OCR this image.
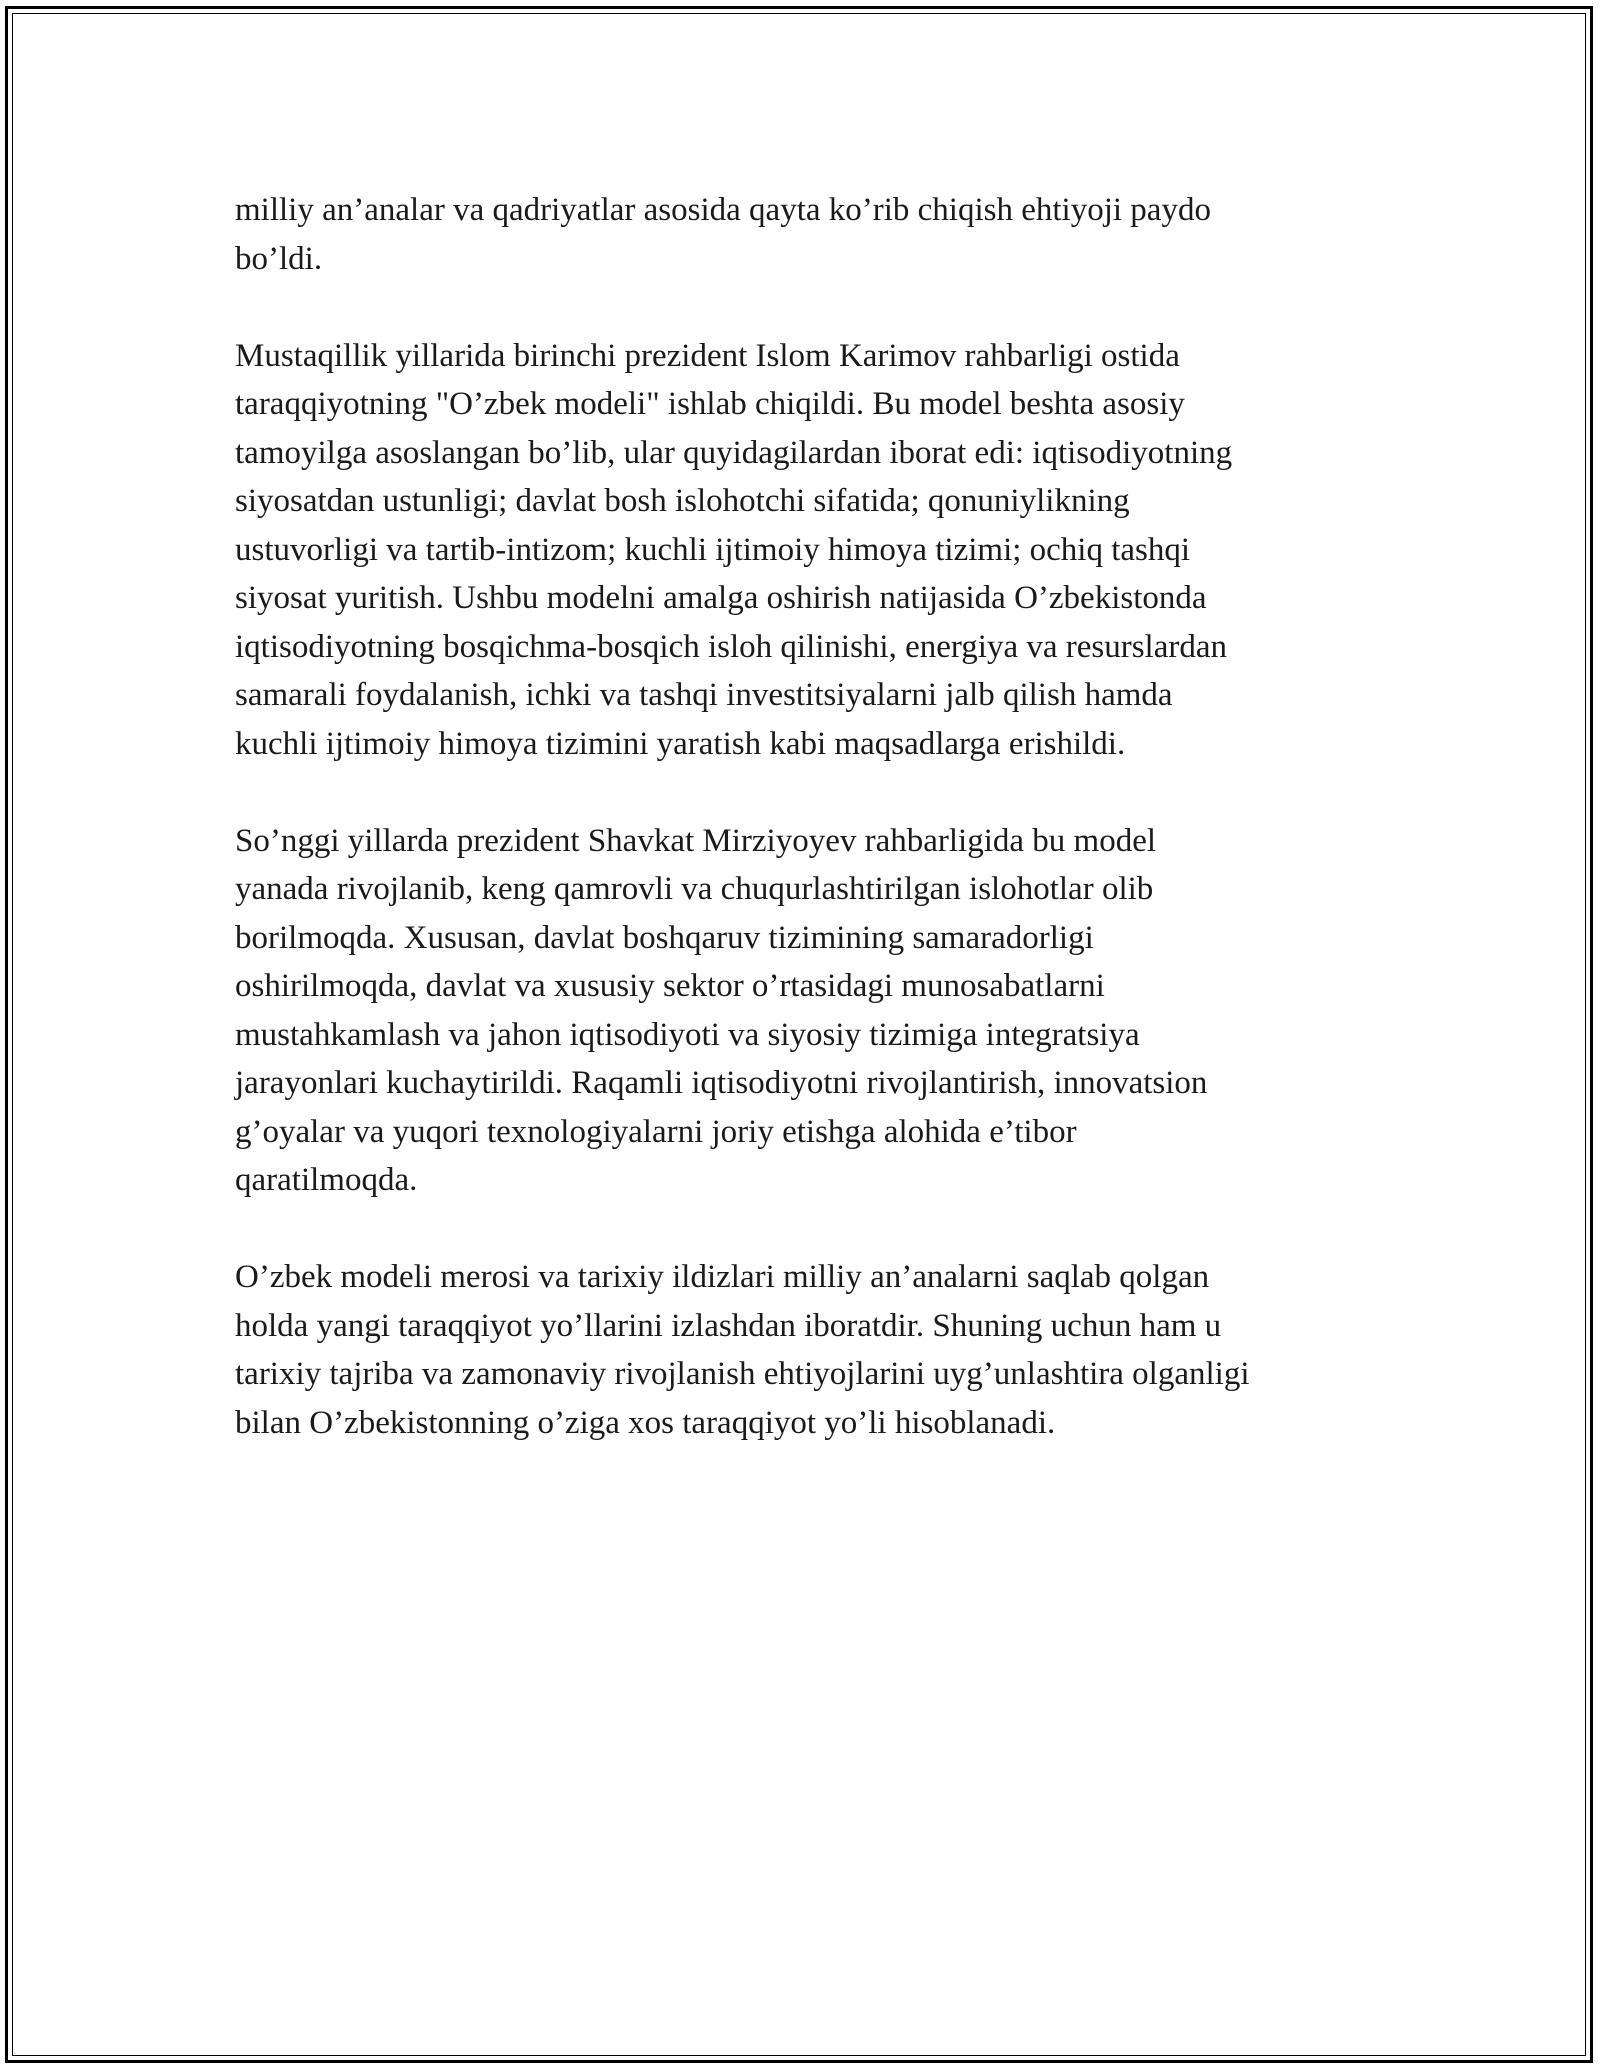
milliy an’analar va qadriyatlar asosida qayta ko’rib chiqish ehtiyoji paydo
bo’ldi.

Mustaqillik yillarida birinchi prezident Islom Karimov rahbarligi ostida
taraqqiyotning "O’zbek modeli" ishlab chiqildi. Bu model beshta asosiy
tamoyilga asoslangan bo’lib, ular quyidagilardan iborat edi: iqtisodiyotning
siyosatdan ustunligi; davlat bosh islohotchi sifatida; qonuniylikning
ustuvorligi va tartib-intizom; kuchli ijtimoiy himoya tizimi; ochiq tashqi
siyosat yuritish. Ushbu modelni amalga oshirish natijasida O’zbekistonda
iqtisodiyotning bosqichma-bosqich isloh qilinishi, energiya va resurslardan
samarali foydalanish, ichki va tashqi investitsiyalarni jalb qilish hamda
kuchli ijtimoiy himoya tizimini yaratish kabi maqsadlarga erishildi.

So’nggi yillarda prezident Shavkat Mirziyoyev rahbarligida bu model
yanada rivojlanib, keng qamrovli va chuqurlashtirilgan islohotlar olib
borilmoqda. Xususan, davlat boshqaruv tizimining samaradorligi
oshirilmoqda, davlat va xususiy sektor o’rtasidagi munosabatlarni
mustahkamlash va jahon iqtisodiyoti va siyosiy tizimiga integratsiya
jarayonlari kuchaytirildi. Raqamli iqtisodiyotni rivojlantirish, innovatsion
g’oyalar va yuqori texnologiyalarni joriy etishga alohida e’tibor
qaratilmoqda.

O’zbek modeli merosi va tarixiy ildizlari milliy an’analarni saqlab qolgan
holda yangi taraqqiyot yo’llarini izlashdan iboratdir. Shuning uchun ham u
tarixiy tajriba va zamonaviy rivojlanish ehtiyojlarini uyg’unlashtira olganligi
bilan O’zbekistonning o’ziga xos taraqqiyot yo’li hisoblanadi.
